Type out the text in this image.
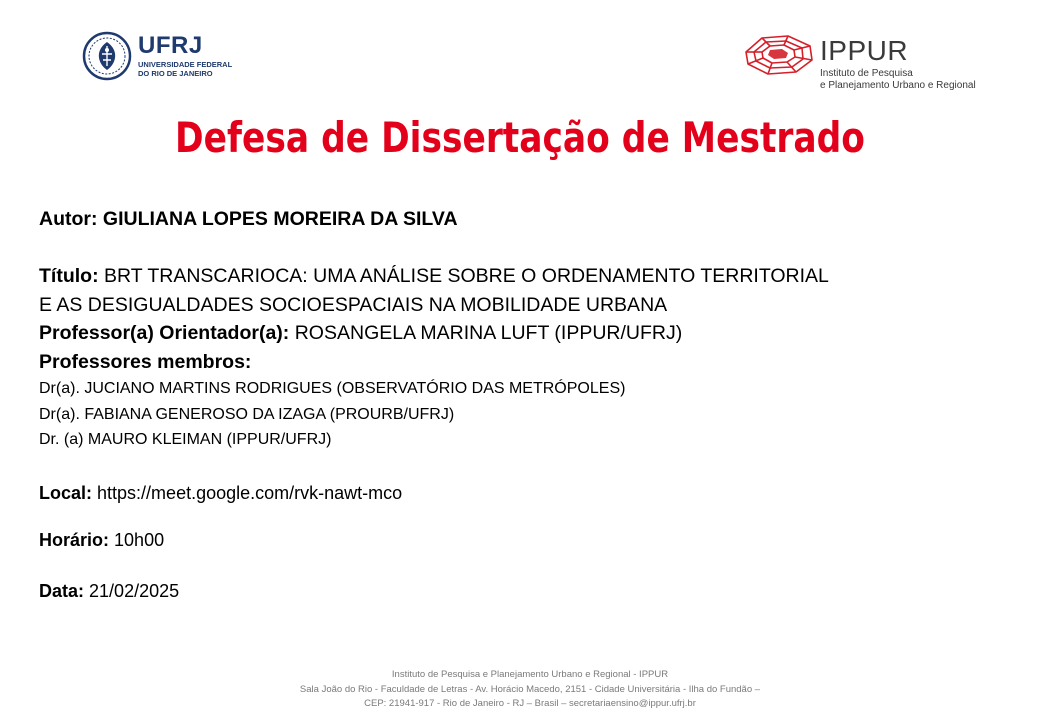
UFRJ
UNIVERSIDADE FEDERAL
DO RIO DE JANEIRO
IPPUR
Instituto de Pesquisa
e Planejamento Urbano e Regional
Defesa de Dissertação de Mestrado
Autor: GIULIANA LOPES MOREIRA DA SILVA
Título: BRT TRANSCARIOCA: UMA ANÁLISE SOBRE O ORDENAMENTO TERRITORIAL
E AS DESIGUALDADES SOCIOESPACIAIS NA MOBILIDADE URBANA
Professor(a) Orientador(a): ROSANGELA MARINA LUFT (IPPUR/UFRJ)
Professores membros:
Dr(a). JUCIANO MARTINS RODRIGUES (OBSERVATÓRIO DAS METRÓPOLES)
Dr(a). FABIANA GENEROSO DA IZAGA (PROURB/UFRJ)
Dr. (a) MAURO KLEIMAN (IPPUR/UFRJ)
Local: https://meet.google.com/rvk-nawt-mco
Horário: 10h00
Data: 21/02/2025
Instituto de Pesquisa e Planejamento Urbano e Regional - IPPUR
Sala João do Rio - Faculdade de Letras - Av. Horácio Macedo, 2151 - Cidade Universitária - Ilha do Fundão –
CEP: 21941-917 - Rio de Janeiro - RJ – Brasil – secretariaensino@ippur.ufrj.br
